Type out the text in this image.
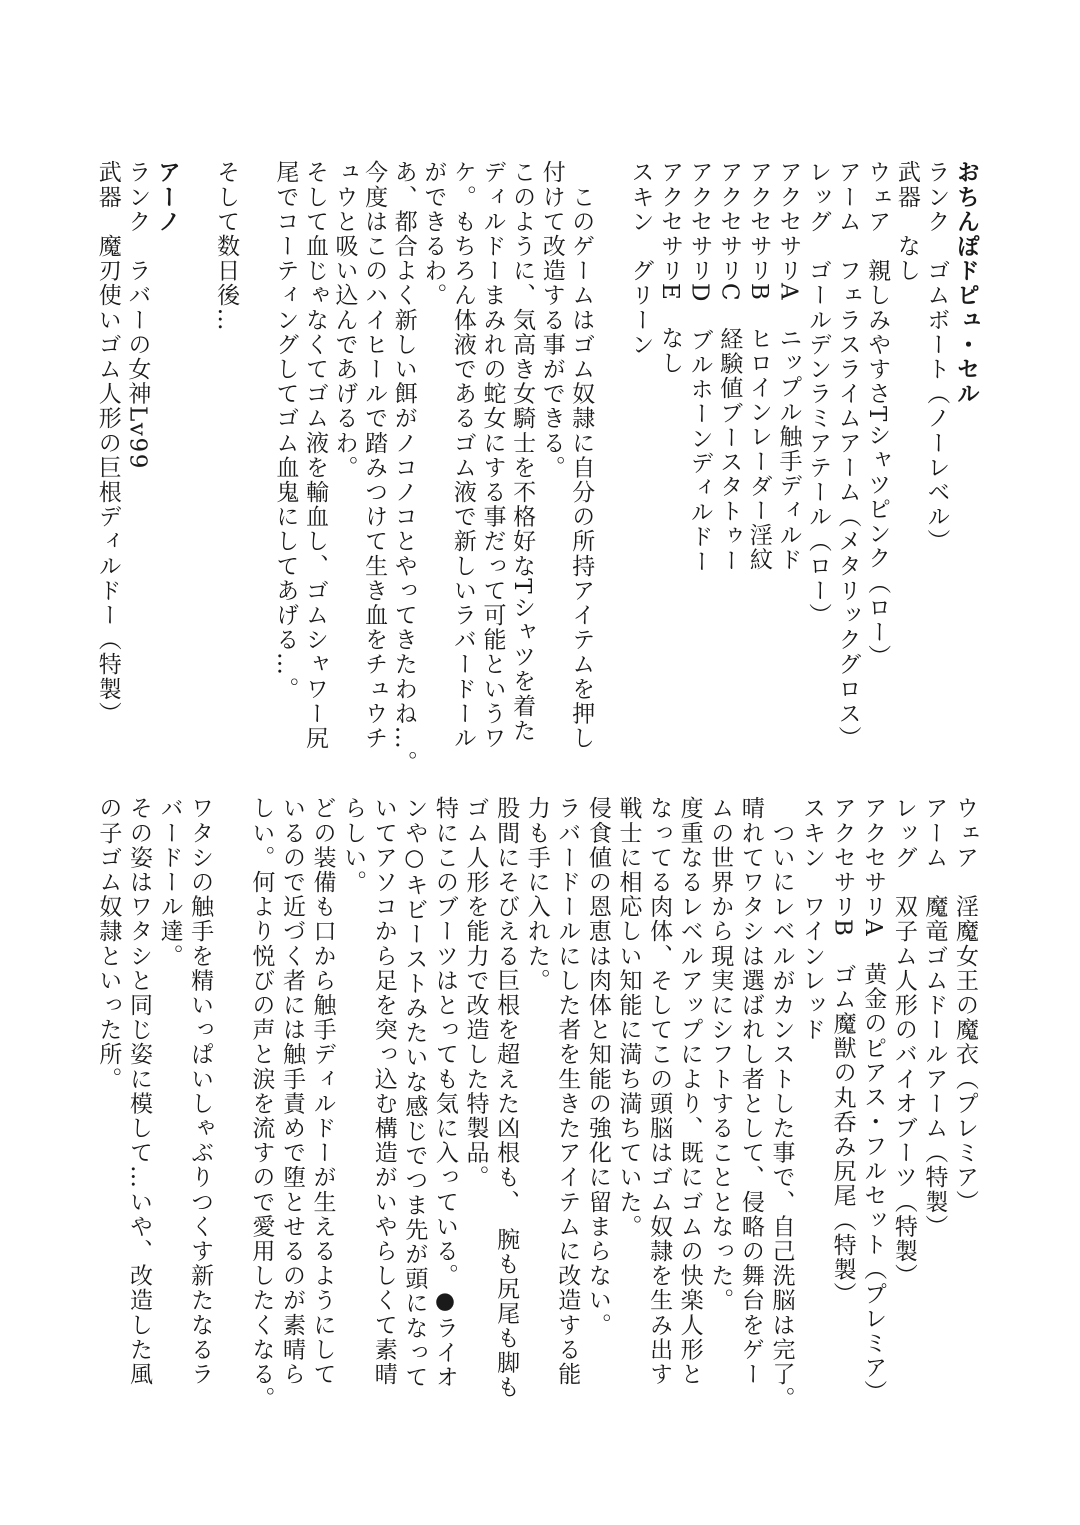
おちんぽドピュ・セル
ランク　ゴムボート（ノーレベル）
武器　なし
ウェア　親しみやすさTシャツピンク（ロー）
アーム　フェラスライムアーム（メタリックグロス）
レッグ　ゴールデンラミアテール（ロー）
アクセサリA　ニップル触手ディルド
アクセサリB　ヒロインレーダー淫紋
アクセサリC　経験値ブースタトゥー
アクセサリD　ブルホーンディルドー
アクセサリE　なし
スキン　グリーン
　このゲームはゴム奴隷に自分の所持アイテムを押し
付けて改造する事ができる。
このように、気高き女騎士を不格好なTシャツを着た
ディルドーまみれの蛇女にする事だって可能というワ
ケ。もちろん体液であるゴム液で新しいラバードール
ができるわ。
あ、都合よく新しい餌がノコノコとやってきたわね…。
今度はこのハイヒールで踏みつけて生き血をチュウチ
ュウと吸い込んであげるわ。
そして血じゃなくてゴム液を輸血し、ゴムシャワー尻
尾でコーティングしてゴム血鬼にしてあげる…。
そして数日後…
アーノ
ランク　ラバーの女神Lv99
武器　魔刃使いゴム人形の巨根ディルドー（特製）
ウェア　淫魔女王の魔衣（プレミア）
アーム　魔竜ゴムドールアーム（特製）
レッグ　双子ム人形のバイオブーツ（特製）
アクセサリA　黄金のピアス・フルセット（プレミア）
アクセサリB　ゴム魔獣の丸呑み尻尾（特製）
スキン　ワインレッド
　ついにレベルがカンストした事で、自己洗脳は完了。
晴れてワタシは選ばれし者として、侵略の舞台をゲー
ムの世界から現実にシフトすることとなった。
度重なるレベルアップにより、既にゴムの快楽人形と
なってる肉体、そしてこの頭脳はゴム奴隷を生み出す
戦士に相応しい知能に満ち満ちていた。
侵食値の恩恵は肉体と知能の強化に留まらない。
ラバードールにした者を生きたアイテムに改造する能
力も手に入れた。
股間にそびえる巨根を超えた凶根も、　腕も尻尾も脚も
ゴム人形を能力で改造した特製品。
特にこのブーツはとっても気に入っている。●ライオ
ンや○キビーストみたいな感じでつま先が頭になって
いてアソコから足を突っ込む構造がいやらしくて素晴
らしい。
どの装備も口から触手ディルドーが生えるようにして
いるので近づく者には触手責めで堕とせるのが素晴ら
しい。何より悦びの声と涙を流すので愛用したくなる。
ワタシの触手を精いっぱいしゃぶりつくす新たなるラ
バードール達。
その姿はワタシと同じ姿に模して…いや、改造した風
の子ゴム奴隷といった所。
